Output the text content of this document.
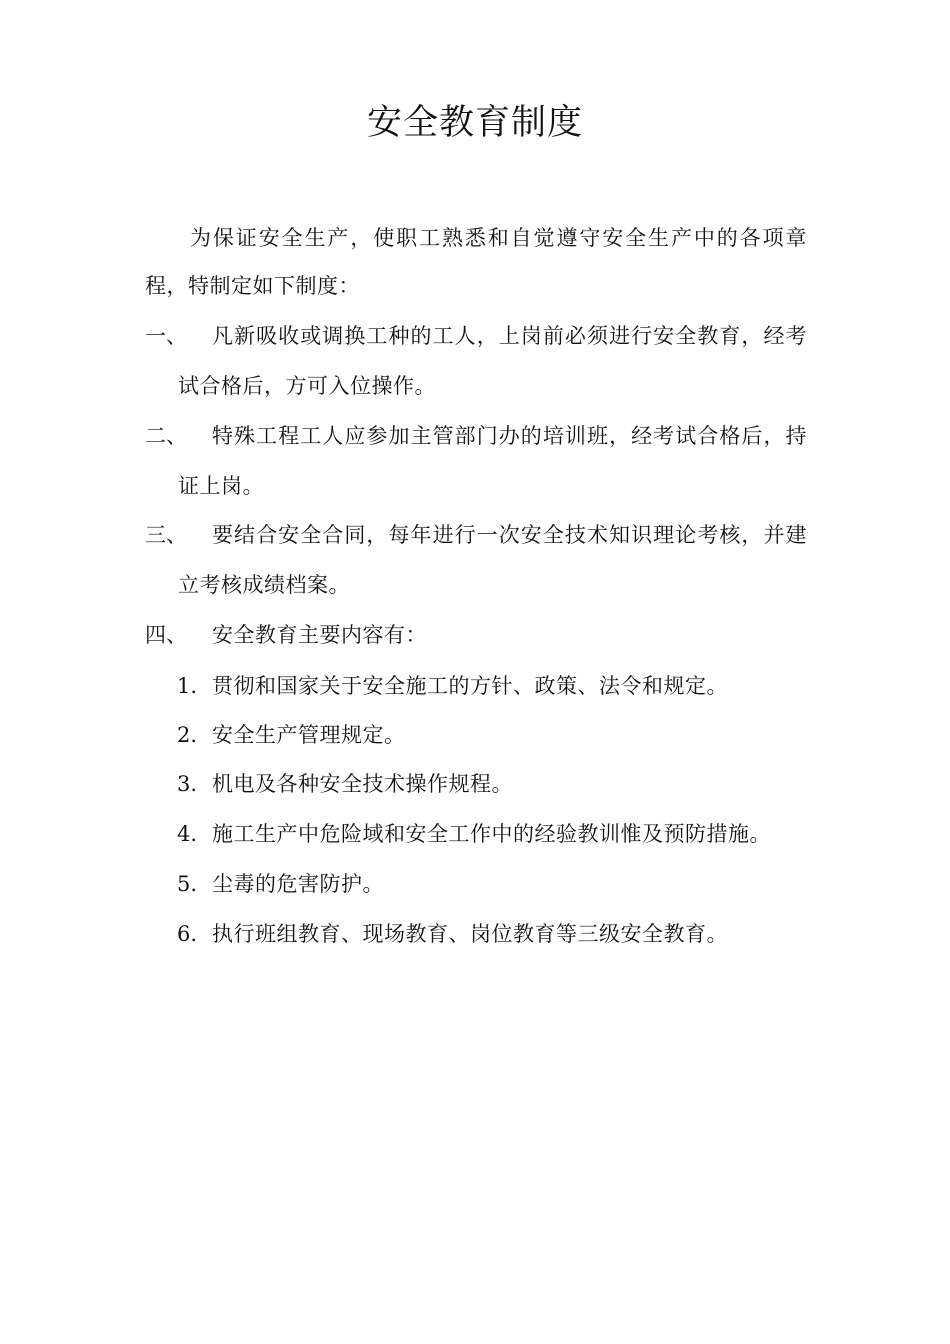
安全教育制度
为保证安全生产，使职工熟悉和自觉遵守安全生产中的各项章
程，特制定如下制度：
一、 凡新吸收或调换工种的工人，上岗前必须进行安全教育，经考
试合格后，方可入位操作。
二、 特殊工程工人应参加主管部门办的培训班，经考试合格后，持
证上岗。
三、 要结合安全合同，每年进行一次安全技术知识理论考核，并建
立考核成绩档案。
四、 安全教育主要内容有：
1. 贯彻和国家关于安全施工的方针、政策、法令和规定。
2. 安全生产管理规定。
3. 机电及各种安全技术操作规程。
4. 施工生产中危险域和安全工作中的经验教训惟及预防措施。
5. 尘毒的危害防护。
6. 执行班组教育、现场教育、岗位教育等三级安全教育。
